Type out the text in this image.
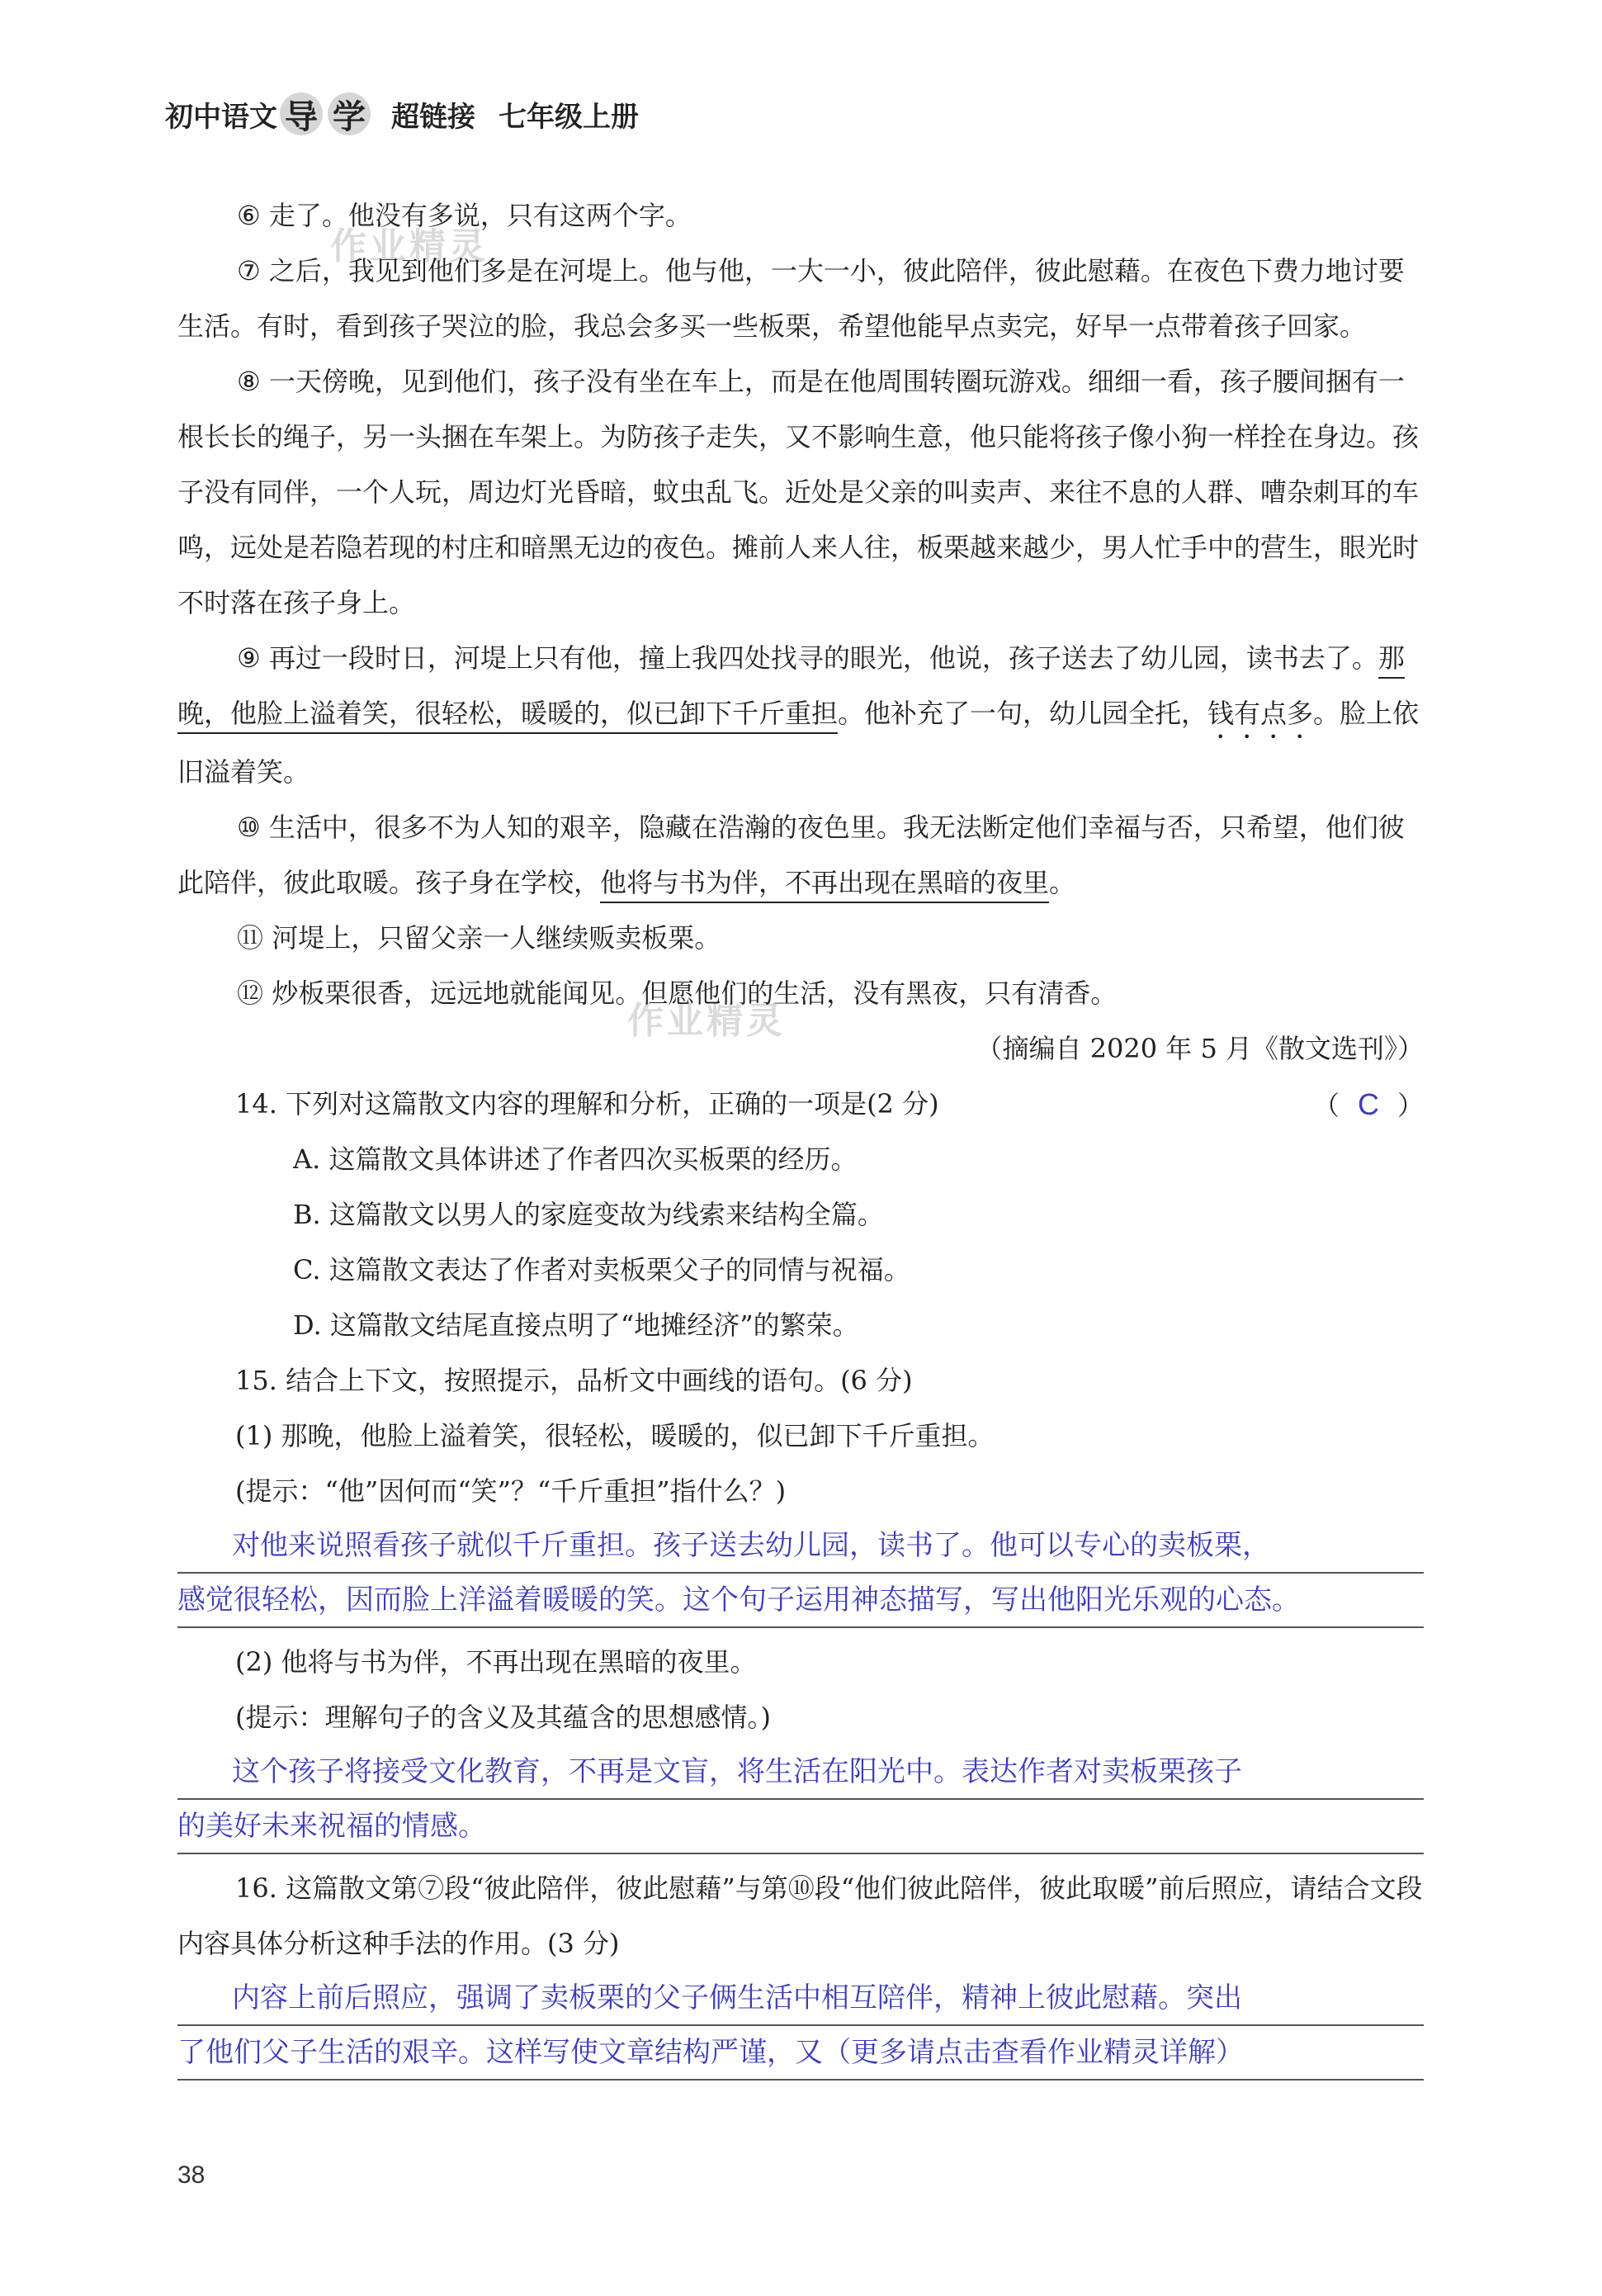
初中语文 导 学 超链接 七年级上册
作业精灵
作业精灵

⑥ 走了。他没有多说，只有这两个字。

⑦ 之后，我见到他们多是在河堤上。他与他，一大一小，彼此陪伴，彼此慰藉。在夜色下费力地讨要生活。有时，看到孩子哭泣的脸，我总会多买一些板栗，希望他能早点卖完，好早一点带着孩子回家。

⑧ 一天傍晚，见到他们，孩子没有坐在车上，而是在他周围转圈玩游戏。细细一看，孩子腰间捆有一根长长的绳子，另一头捆在车架上。为防孩子走失，又不影响生意，他只能将孩子像小狗一样拴在身边。孩子没有同伴，一个人玩，周边灯光昏暗，蚊虫乱飞。近处是父亲的叫卖声、来往不息的人群、嘈杂刺耳的车鸣，远处是若隐若现的村庄和暗黑无边的夜色。摊前人来人往，板栗越来越少，男人忙手中的营生，眼光时不时落在孩子身上。

⑨ 再过一段时日，河堤上只有他，撞上我四处找寻的眼光，他说，孩子送去了幼儿园，读书去了。那晚，他脸上溢着笑，很轻松，暖暖的，似已卸下千斤重担。他补充了一句，幼儿园全托，钱有点多。脸上依旧溢着笑。

⑩ 生活中，很多不为人知的艰辛，隐藏在浩瀚的夜色里。我无法断定他们幸福与否，只希望，他们彼此陪伴，彼此取暖。孩子身在学校，他将与书为伴，不再出现在黑暗的夜里。

⑪ 河堤上，只留父亲一人继续贩卖板栗。

⑫ 炒板栗很香，远远地就能闻见。但愿他们的生活，没有黑夜，只有清香。

（摘编自 2020 年 5 月《散文选刊》）

（ C ）
14. 下列对这篇散文内容的理解和分析，正确的一项是(2 分)

A. 这篇散文具体讲述了作者四次买板栗的经历。

B. 这篇散文以男人的家庭变故为线索来结构全篇。

C. 这篇散文表达了作者对卖板栗父子的同情与祝福。

D. 这篇散文结尾直接点明了“地摊经济”的繁荣。

15. 结合上下文，按照提示，品析文中画线的语句。(6 分)

(1) 那晚，他脸上溢着笑，很轻松，暖暖的，似已卸下千斤重担。

(提示：“他”因何而“笑”？“千斤重担”指什么？)

对他来说照看孩子就似千斤重担。孩子送去幼儿园，读书了。他可以专心的卖板栗，
感觉很轻松，因而脸上洋溢着暖暖的笑。这个句子运用神态描写，写出他阳光乐观的心态。

(2) 他将与书为伴，不再出现在黑暗的夜里。

(提示：理解句子的含义及其蕴含的思想感情。)

这个孩子将接受文化教育，不再是文盲，将生活在阳光中。表达作者对卖板栗孩子
的美好未来祝福的情感。

16. 这篇散文第⑦段“彼此陪伴，彼此慰藉”与第⑩段“他们彼此陪伴，彼此取暖”前后照应，请结合文段内容具体分析这种手法的作用。(3 分)

内容上前后照应，强调了卖板栗的父子俩生活中相互陪伴，精神上彼此慰藉。突出
了他们父子生活的艰辛。这样写使文章结构严谨，又（更多请点击查看作业精灵详解）
38
